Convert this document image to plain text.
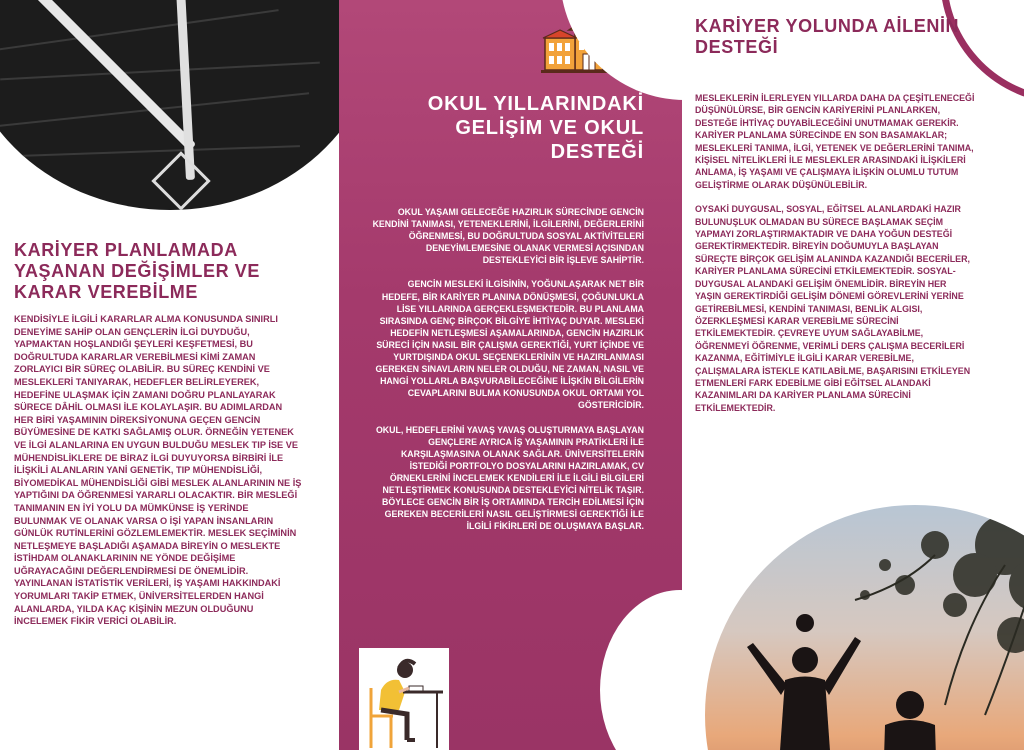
KARİYER PLANLAMADA YAŞANAN DEĞİŞİMLER VE KARAR VEREBİLME

KENDİSİYLE İLGİLİ KARARLAR ALMA KONUSUNDA SINIRLI DENEYİME SAHİP OLAN GENÇLERİN İLGİ DUYDUĞU, YAPMAKTAN HOŞLANDIĞI ŞEYLERİ KEŞFETMESİ, BU DOĞRULTUDA KARARLAR VEREBİLMESİ KİMİ ZAMAN ZORLAYICI BİR SÜREÇ OLABİLİR. BU SÜREÇ KENDİNİ VE MESLEKLERİ TANIYARAK, HEDEFLER BELİRLEYEREK, HEDEFİNE ULAŞMAK İÇİN ZAMANI DOĞRU PLANLAYARAK SÜRECE DÂHİL OLMASI İLE KOLAYLAŞIR. BU ADIMLARDAN HER BİRİ YAŞAMININ DİREKSİYONUNA GEÇEN GENCİN BÜYÜMESİNE DE KATKI SAĞLAMIŞ OLUR. ÖRNEĞİN YETENEK VE İLGİ ALANLARINA EN UYGUN BULDUĞU MESLEK TIP İSE VE MÜHENDİSLİKLERE DE BİRAZ İLGİ DUYUYORSA BİRBİRİ İLE İLİŞKİLİ ALANLARIN YANİ GENETİK, TIP MÜHENDİSLİĞİ, BİYOMEDİKAL MÜHENDİSLİĞİ GİBİ MESLEK ALANLARININ NE İŞ YAPTIĞINI DA ÖĞRENMESİ YARARLI OLACAKTIR. BİR MESLEĞİ TANIMANIN EN İYİ YOLU DA MÜMKÜNSE İŞ YERİNDE BULUNMAK VE OLANAK VARSA O İŞİ YAPAN İNSANLARIN GÜNLÜK RUTİNLERİNİ GÖZLEMLEMEKTİR. MESLEK SEÇİMİNİN NETLEŞMEYE BAŞLADIĞI AŞAMADA BİREYİN O MESLEKTE İSTİHDAM OLANAKLARININ NE YÖNDE DEĞİŞİME UĞRAYACAĞINI DEĞERLENDİRMESİ DE ÖNEMLİDİR. YAYINLANAN İSTATİSTİK VERİLERİ, İŞ YAŞAMI HAKKINDAKİ YORUMLARI TAKİP ETMEK, ÜNİVERSİTELERDEN HANGİ ALANLARDA, YILDA KAÇ KİŞİNİN MEZUN OLDUĞUNU İNCELEMEK FİKİR VERİCİ OLABİLİR.

OKUL YILLARINDAKİ GELİŞİM VE OKUL DESTEĞİ

OKUL YAŞAMI GELECEĞE HAZIRLIK SÜRECİNDE GENCİN KENDİNİ TANIMASI, YETENEKLERİNİ, İLGİLERİNİ, DEĞERLERİNİ ÖĞRENMESİ, BU DOĞRULTUDA SOSYAL AKTİVİTELERİ DENEYİMLEMESİNE OLANAK VERMESİ AÇISINDAN DESTEKLEYİCİ BİR İŞLEVE SAHİPTİR.

GENCİN MESLEKİ İLGİSİNİN, YOĞUNLAŞARAK NET BİR HEDEFE, BİR KARİYER PLANINA DÖNÜŞMESİ, ÇOĞUNLUKLA LİSE YILLARINDA GERÇEKLEŞMEKTEDİR. BU PLANLAMA SIRASINDA GENÇ BİRÇOK BİLGİYE İHTİYAÇ DUYAR. MESLEKİ HEDEFİN NETLEŞMESİ AŞAMALARINDA, GENCİN HAZIRLIK SÜRECİ İÇİN NASIL BİR ÇALIŞMA GEREKTİĞİ, YURT İÇİNDE VE YURTDIŞINDA OKUL SEÇENEKLERİNİN VE HAZIRLANMASI GEREKEN SINAVLARIN NELER OLDUĞU, NE ZAMAN, NASIL VE HANGİ YOLLARLA BAŞVURABİLECEĞİNE İLİŞKİN BİLGİLERİN CEVAPLARINI BULMA KONUSUNDA OKUL ORTAMI YOL GÖSTERİCİDİR.

OKUL, HEDEFLERİNİ YAVAŞ YAVAŞ OLUŞTURMAYA BAŞLAYAN GENÇLERE AYRICA İŞ YAŞAMININ PRATİKLERİ İLE KARŞILAŞMASINA OLANAK SAĞLAR. ÜNİVERSİTELERİN İSTEDİĞİ PORTFOLYO DOSYALARINI HAZIRLAMAK, CV ÖRNEKLERİNİ İNCELEMEK KENDİLERİ İLE İLGİLİ BİLGİLERİ NETLEŞTİRMEK KONUSUNDA DESTEKLEYİCİ NİTELİK TAŞIR. BÖYLECE GENCİN BİR İŞ ORTAMINDA TERCİH EDİLMESİ İÇİN GEREKEN BECERİLERİ NASIL GELİŞTİRMESİ GEREKTİĞİ İLE İLGİLİ FİKİRLERİ DE OLUŞMAYA BAŞLAR.

KARİYER YOLUNDA AİLENİN DESTEĞİ

MESLEKLERİN İLERLEYEN YILLARDA DAHA DA ÇEŞİTLENECEĞİ DÜŞÜNÜLÜRSE, BİR GENCİN KARİYERİNİ PLANLARKEN, DESTEĞE İHTİYAÇ DUYABİLECEĞİNİ UNUTMAMAK GEREKİR. KARİYER PLANLAMA SÜRECİNDE EN SON BASAMAKLAR; MESLEKLERİ TANIMA, İLGİ, YETENEK VE DEĞERLERİNİ TANIMA, KİŞİSEL NİTELİKLERİ İLE MESLEKLER ARASINDAKİ İLİŞKİLERİ ANLAMA, İŞ YAŞAMI VE ÇALIŞMAYA İLİŞKİN OLUMLU TUTUM GELİŞTİRME OLARAK DÜŞÜNÜLEBİLİR.

OYSAKİ DUYGUSAL, SOSYAL, EĞİTSEL ALANLARDAKİ HAZIR BULUNUŞLUK OLMADAN BU SÜRECE BAŞLAMAK SEÇİM YAPMAYI ZORLAŞTIRMAKTADIR VE DAHA YOĞUN DESTEĞİ GEREKTİRMEKTEDİR. BİREYİN DOĞUMUYLA BAŞLAYAN SÜREÇTE BİRÇOK GELİŞİM ALANINDA KAZANDIĞI BECERİLER, KARİYER PLANLAMA SÜRECİNİ ETKİLEMEKTEDİR. SOSYAL-DUYGUSAL ALANDAKİ GELİŞİM ÖNEMLİDİR. BİREYİN HER YAŞIN GEREKTİRDİĞİ GELİŞİM DÖNEMİ GÖREVLERİNİ YERİNE GETİREBİLMESİ, KENDİNİ TANIMASI, BENLİK ALGISI, ÖZERKLEŞMESİ KARAR VEREBİLME SÜRECİNİ ETKİLEMEKTEDİR. ÇEVREYE UYUM SAĞLAYABİLME, ÖĞRENMEYİ ÖĞRENME, VERİMLİ DERS ÇALIŞMA BECERİLERİ KAZANMA, EĞİTİMİYLE İLGİLİ KARAR VEREBİLME, ÇALIŞMALARA İSTEKLE KATILABİLME, BAŞARISINI ETKİLEYEN ETMENLERİ FARK EDEBİLME GİBİ EĞİTSEL ALANDAKİ KAZANIMLARI DA KARİYER PLANLAMA SÜRECİNİ ETKİLEMEKTEDİR.
